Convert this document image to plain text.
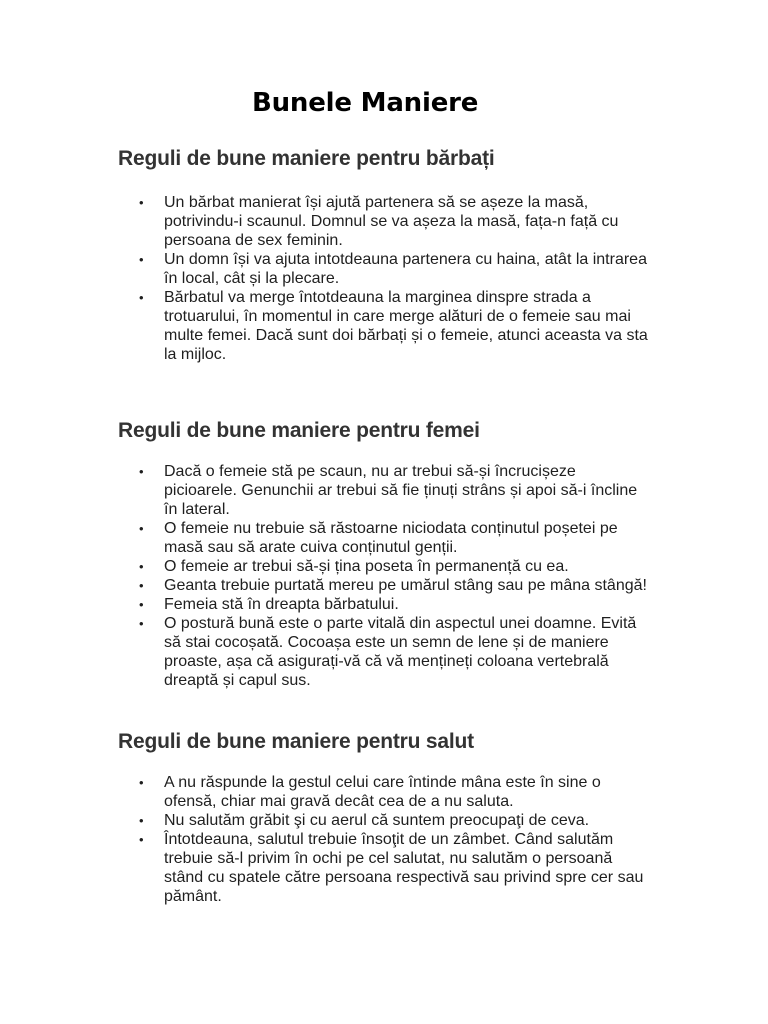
Bunele Maniere
Reguli de bune maniere pentru bărbați
• Un bărbat manierat își ajută partenera să se așeze la masă, potrivindu-i scaunul. Domnul se va așeza la masă, fața-n față cu persoana de sex feminin.
• Un domn își va ajuta intotdeauna partenera cu haina, atât la intrarea în local, cât și la plecare.
• Bărbatul va merge întotdeauna la marginea dinspre strada a trotuarului, în momentul in care merge alături de o femeie sau mai multe femei. Dacă sunt doi bărbați și o femeie, atunci aceasta va sta la mijloc.
Reguli de bune maniere pentru femei
• Dacă o femeie stă pe scaun, nu ar trebui să-și încrucișeze picioarele. Genunchii ar trebui să fie ținuți strâns și apoi să-i încline în lateral.
• O femeie nu trebuie să răstoarne niciodata conținutul poșetei pe masă sau să arate cuiva conținutul genții.
• O femeie ar trebui să-și țina poseta în permanență cu ea.
• Geanta trebuie purtată mereu pe umărul stâng sau pe mâna stângă!
• Femeia stă în dreapta bărbatului.
• O postură bună este o parte vitală din aspectul unei doamne. Evită să stai cocoșată. Cocoașa este un semn de lene și de maniere proaste, așa că asigurați-vă că vă mențineți coloana vertebrală dreaptă și capul sus.
Reguli de bune maniere pentru salut
• A nu răspunde la gestul celui care întinde mâna este în sine o ofensă, chiar mai gravă decât cea de a nu saluta.
• Nu salutăm grăbit şi cu aerul că suntem preocupaţi de ceva.
• Întotdeauna, salutul trebuie însoţit de un zâmbet. Când salutăm trebuie să-l privim în ochi pe cel salutat, nu salutăm o persoană stând cu spatele către persoana respectivă sau privind spre cer sau pământ.
